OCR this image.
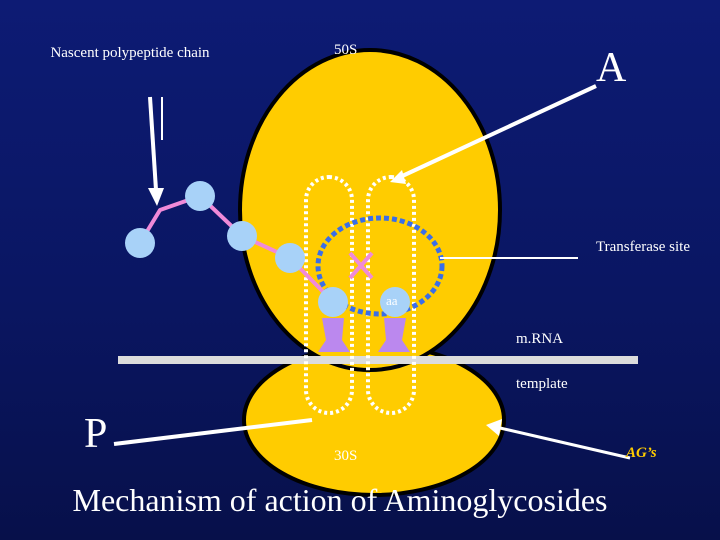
Nascent polypeptide chain	50S	A
Transferase site
aa
m.RNA
template
P	30S	AG’s
Mechanism of action of Aminoglycosides
